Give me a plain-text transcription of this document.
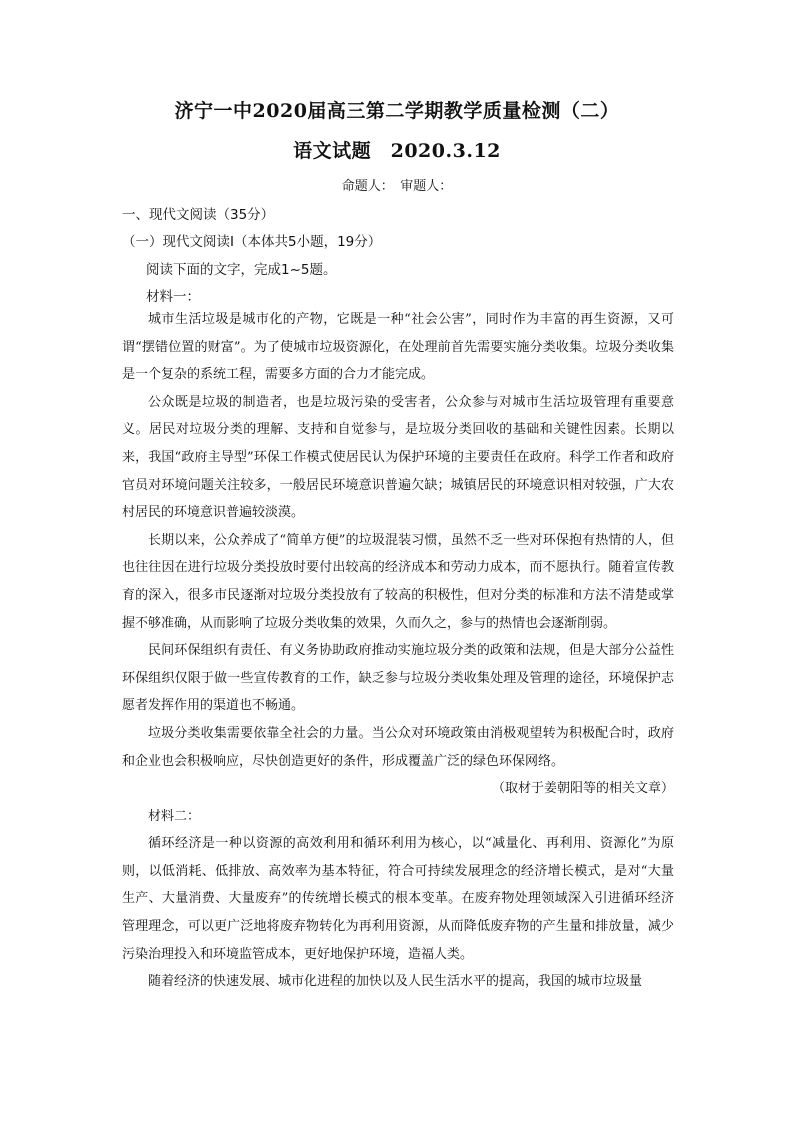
济宁一中2020届高三第二学期教学质量检测（二）
语文试题　2020.3.12
命题人：　审题人：
一、现代文阅读（35分）
（一）现代文阅读Ⅰ（本体共5小题，19分）
阅读下面的文字，完成1~5题。
材料一：

城市生活垃圾是城市化的产物，它既是一种“社会公害”，同时作为丰富的再生资源，又可谓“摆错位置的财富”。为了使城市垃圾资源化，在处理前首先需要实施分类收集。垃圾分类收集是一个复杂的系统工程，需要多方面的合力才能完成。

公众既是垃圾的制造者，也是垃圾污染的受害者，公众参与对城市生活垃圾管理有重要意义。居民对垃圾分类的理解、支持和自觉参与，是垃圾分类回收的基础和关键性因素。长期以来，我国“政府主导型”环保工作模式使居民认为保护环境的主要责任在政府。科学工作者和政府官员对环境问题关注较多，一般居民环境意识普遍欠缺；城镇居民的环境意识相对较强，广大农村居民的环境意识普遍较淡漠。

长期以来，公众养成了“简单方便”的垃圾混装习惯，虽然不乏一些对环保抱有热情的人，但也往往因在进行垃圾分类投放时要付出较高的经济成本和劳动力成本，而不愿执行。随着宣传教育的深入，很多市民逐渐对垃圾分类投放有了较高的积极性，但对分类的标准和方法不清楚或掌握不够准确，从而影响了垃圾分类收集的效果，久而久之，参与的热情也会逐渐削弱。

民间环保组织有责任、有义务协助政府推动实施垃圾分类的政策和法规，但是大部分公益性环保组织仅限于做一些宣传教育的工作，缺乏参与垃圾分类收集处理及管理的途径，环境保护志愿者发挥作用的渠道也不畅通。

垃圾分类收集需要依靠全社会的力量。当公众对环境政策由消极观望转为积极配合时，政府和企业也会积极响应，尽快创造更好的条件，形成覆盖广泛的绿色环保网络。

（取材于姜朝阳等的相关文章）

材料二：

循环经济是一种以资源的高效利用和循环利用为核心，以“减量化、再利用、资源化”为原则，以低消耗、低排放、高效率为基本特征，符合可持续发展理念的经济增长模式，是对“大量生产、大量消费、大量废弃”的传统增长模式的根本变革。在废弃物处理领域深入引进循环经济管理理念，可以更广泛地将废弃物转化为再利用资源，从而降低废弃物的产生量和排放量，减少污染治理投入和环境监管成本，更好地保护环境，造福人类。

随着经济的快速发展、城市化进程的加快以及人民生活水平的提高，我国的城市垃圾量
